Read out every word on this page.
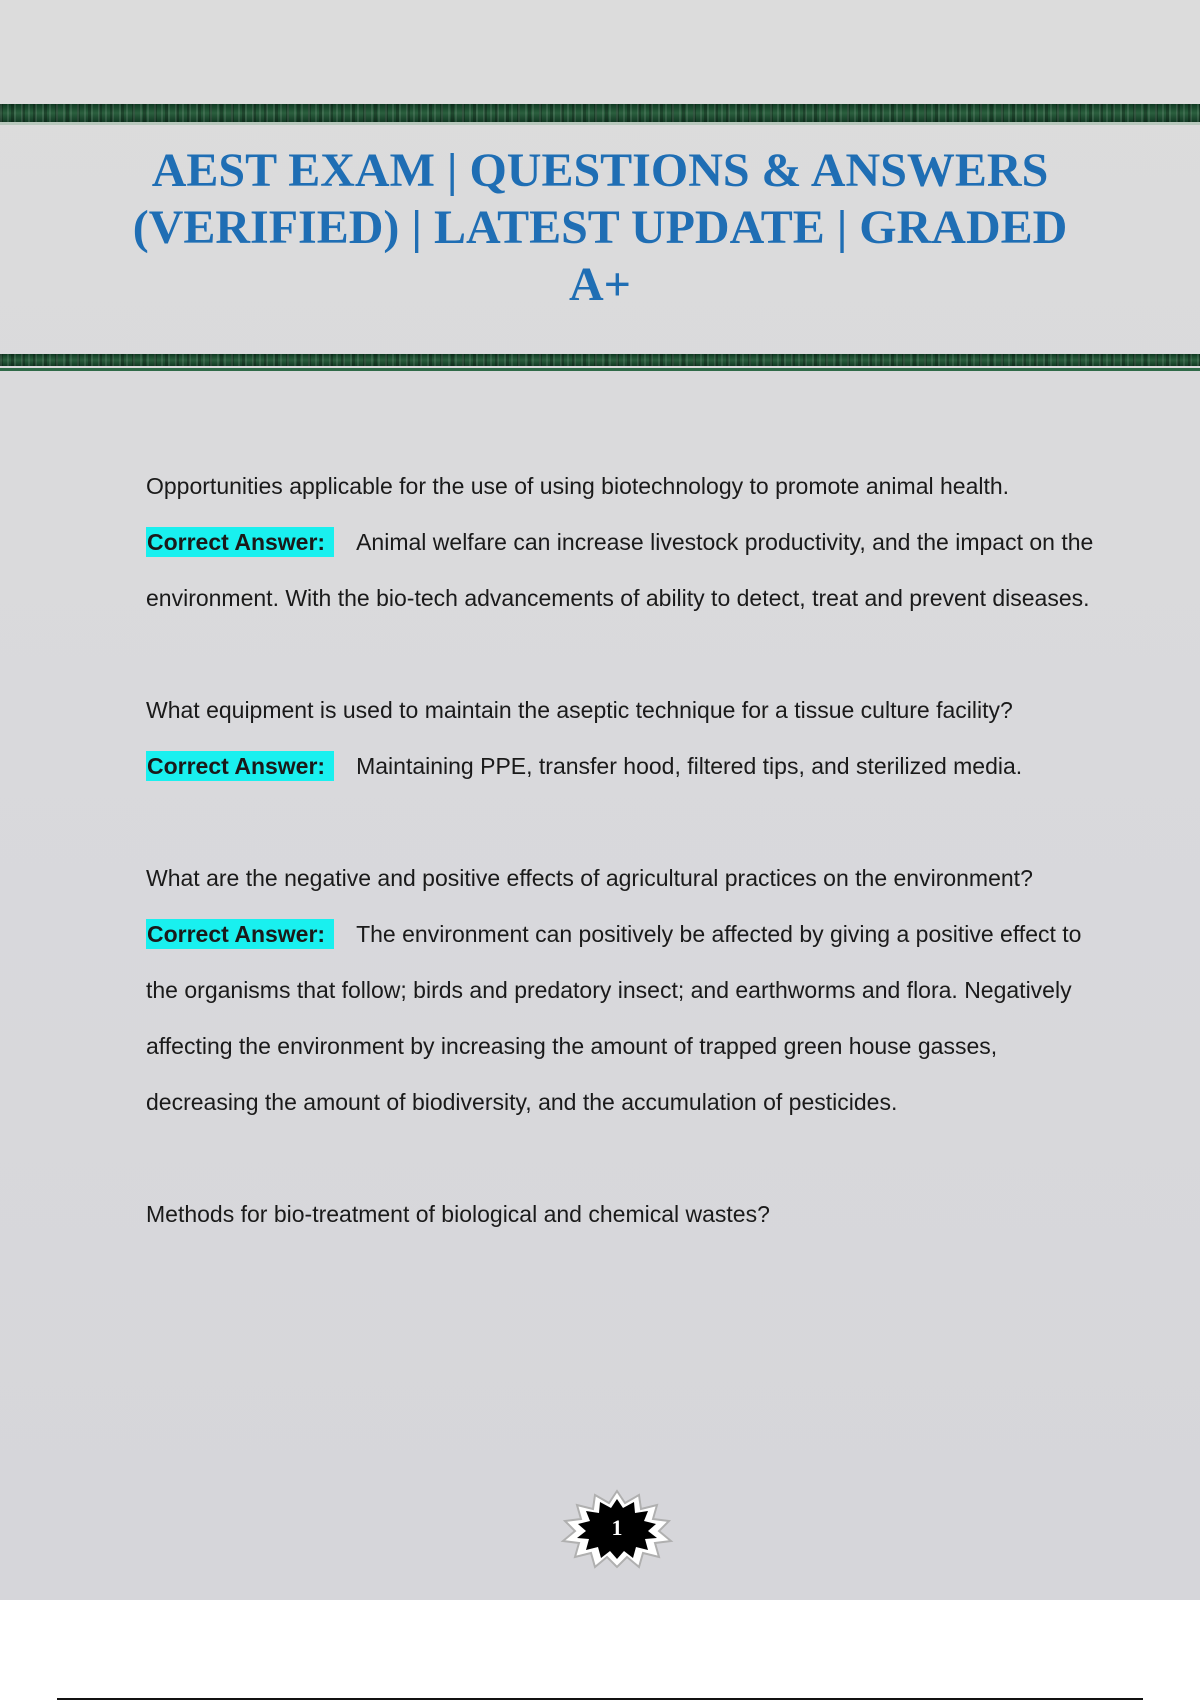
AEST EXAM | QUESTIONS & ANSWERS (VERIFIED) | LATEST UPDATE | GRADED A+

Opportunities applicable for the use of using biotechnology to promote animal health.

Correct Answer: Animal welfare can increase livestock productivity, and the impact on the environment. With the bio-tech advancements of ability to detect, treat and prevent diseases.

What equipment is used to maintain the aseptic technique for a tissue culture facility?

Correct Answer: Maintaining PPE, transfer hood, filtered tips, and sterilized media.

What are the negative and positive effects of agricultural practices on the environment?

Correct Answer: The environment can positively be affected by giving a positive effect to the organisms that follow; birds and predatory insect; and earthworms and flora. Negatively affecting the environment by increasing the amount of trapped green house gasses, decreasing the amount of biodiversity, and the accumulation of pesticides.

Methods for bio-treatment of biological and chemical wastes?

1
